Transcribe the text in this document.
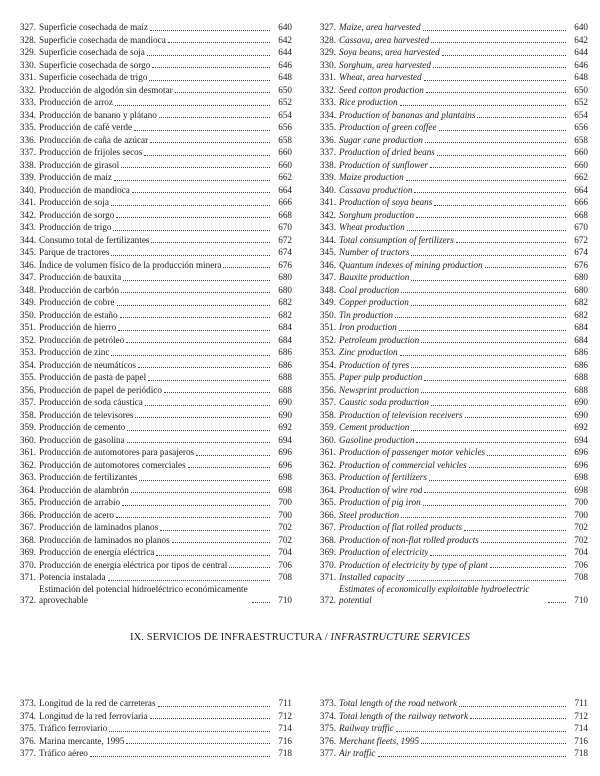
327. Superficie cosechada de maíz	640
328. Superficie cosechada de mandioca	642
329. Superficie cosechada de soja	644
330. Superficie cosechada de sorgo	646
331. Superficie cosechada de trigo	648
332. Producción de algodón sin desmotar	650
333. Producción de arroz	652
334. Producción de banano y plátano	654
335. Producción de café verde	656
336. Producción de caña de azúcar	658
337. Producción de frijoles secos	660
338. Producción de girasol	660
339. Producción de maíz	662
340. Producción de mandioca	664
341. Producción de soja	666
342. Producción de sorgo	668
343. Producción de trigo	670
344. Consumo total de fertilizantes	672
345. Parque de tractores	674
346. Índice de volumen físico de la producción minera	676
347. Producción de bauxita	680
348. Producción de carbón	680
349. Producción de cobre	682
350. Producción de estaño	682
351. Producción de hierro	684
352. Producción de petróleo	684
353. Producción de zinc	686
354. Producción de neumáticos	686
355. Producción de pasta de papel	688
356. Producción de papel de periódico	688
357. Producción de soda cáustica	690
358. Producción de televisores	690
359. Producción de cemento	692
360. Producción de gasolina	694
361. Producción de automotores para pasajeros	696
362. Producción de automotores comerciales	696
363. Producción de fertilizantes	698
364. Producción de alambrón	698
365. Producción de arrabio	700
366. Producción de acero	700
367. Producción de laminados planos	702
368. Producción de laminados no planos	702
369. Producción de energía eléctrica	704
370. Producción de energía eléctrica por tipos de central	706
371. Potencia instalada	708
372.
Estimación del potencial hidroeléctrico económicamente aprovechable	710
327. Maize, area harvested	640
328. Cassava, area harvested	642
329. Soya beans, area harvested	644
330. Sorghum, area harvested	646
331. Wheat, area harvested	648
332. Seed cotton production	650
333. Rice production	652
334. Production of bananas and plantains	654
335. Production of green coffee	656
336. Sugar cane production	658
337. Production of dried beans	660
338. Production of sunflower	660
339. Maize production	662
340. Cassava production	664
341. Production of soya beans	666
342. Sorghum production	668
343. Wheat production	670
344. Total consumption of fertilizers	672
345. Number of tractors	674
346. Quantum indexes of mining production	676
347. Bauxite production	680
348. Coal production	680
349. Copper production	682
350. Tin production	682
351. Iron production	684
352. Petroleum production	684
353. Zinc production	686
354. Production of tyres	686
355. Paper pulp production	688
356. Newsprint production	688
357. Caustic soda production	690
358. Production of television receivers	690
359. Cement production	692
360. Gasoline production	694
361. Production of passenger motor vehicles	696
362. Production of commercial vehicles	696
363. Production of fertilizers	698
364. Production of wire rod	698
365. Production of pig iron	700
366. Steel production	700
367. Production of flat rolled products	702
368. Production of non-flat rolled products	702
369. Production of electricity	704
370. Production of electricity by type of plant	706
371. Installed capacity	708
372.
Estimates of economically exploitable hydroelectric potential	710
IX. SERVICIOS DE INFRAESTRUCTURA / INFRASTRUCTURE SERVICES
373. Longitud de la red de carreteras	711
374. Longitud de la red ferroviaria	712
375. Tráfico ferroviario	714
376. Marina mercante, 1995	716
377. Tráfico aéreo	718
373. Total length of the road network	711
374. Total length of the railway network	712
375. Railway traffic	714
376. Merchant fleets, 1995	716
377. Air traffic	718
